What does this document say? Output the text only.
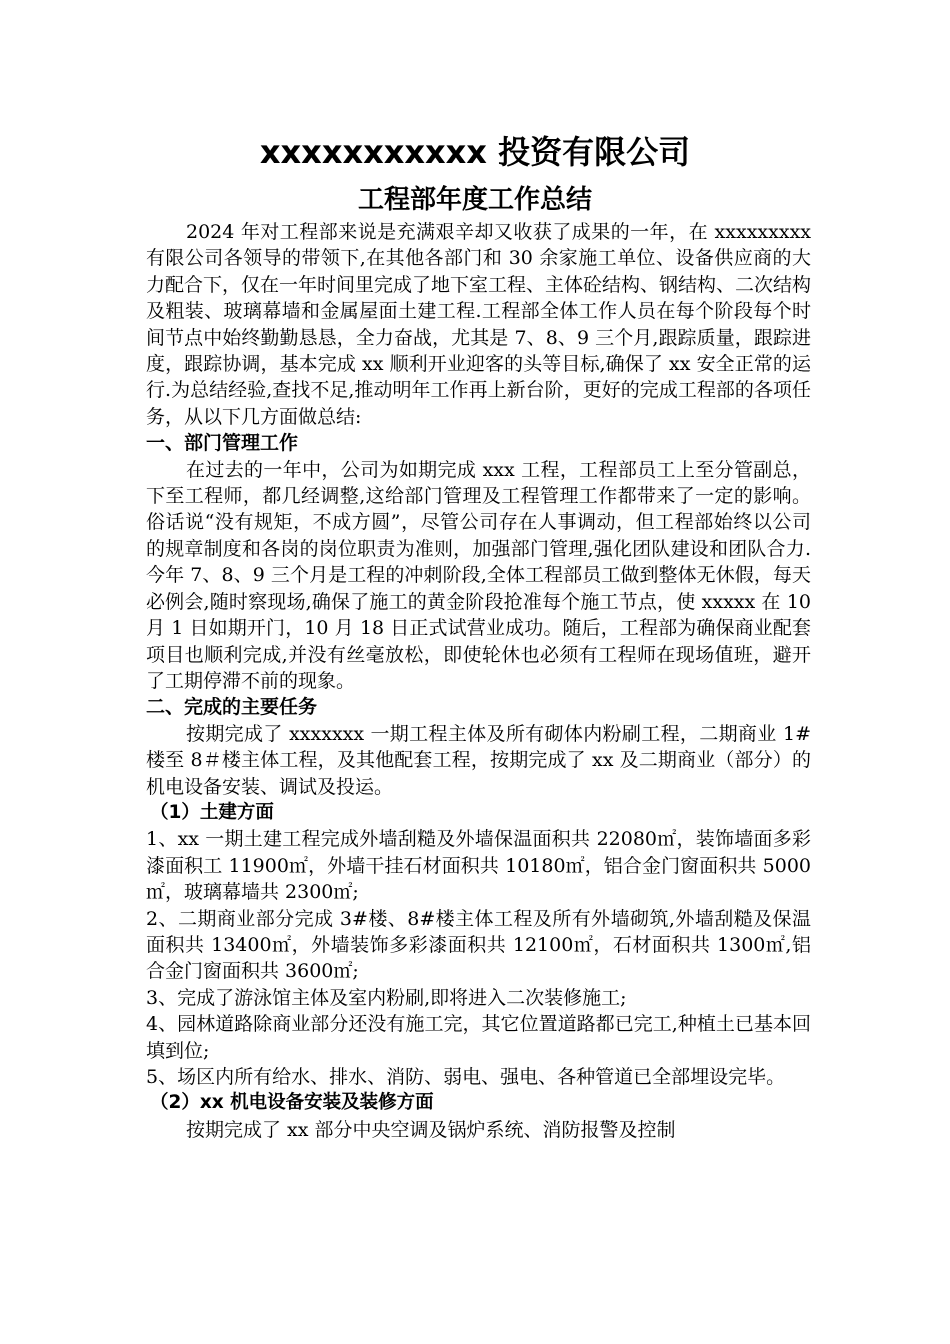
xxxxxxxxxxx 投资有限公司
工程部年度工作总结

2024 年对工程部来说是充满艰辛却又收获了成果的一年，在 xxxxxxxxx 有限公司各领导的带领下,在其他各部门和 30 余家施工单位、设备供应商的大力配合下，仅在一年时间里完成了地下室工程、主体砼结构、钢结构、二次结构及粗装、玻璃幕墙和金属屋面土建工程.工程部全体工作人员在每个阶段每个时间节点中始终勤勤恳恳，全力奋战，尤其是 7、8、9 三个月,跟踪质量，跟踪进度，跟踪协调，基本完成 xx 顺利开业迎客的头等目标,确保了 xx 安全正常的运行.为总结经验,查找不足,推动明年工作再上新台阶，更好的完成工程部的各项任务，从以下几方面做总结:

一、部门管理工作

在过去的一年中，公司为如期完成 xxx 工程，工程部员工上至分管副总，下至工程师，都几经调整,这给部门管理及工程管理工作都带来了一定的影响。俗话说“没有规矩，不成方圆”，尽管公司存在人事调动，但工程部始终以公司的规章制度和各岗的岗位职责为准则，加强部门管理,强化团队建设和团队合力.今年 7、8、9 三个月是工程的冲刺阶段,全体工程部员工做到整体无休假，每天必例会,随时察现场,确保了施工的黄金阶段抢准每个施工节点，使 xxxxx 在 10 月 1 日如期开门，10 月 18 日正式试营业成功。随后，工程部为确保商业配套项目也顺利完成,并没有丝毫放松，即使轮休也必须有工程师在现场值班，避开了工期停滞不前的现象。

二、完成的主要任务

按期完成了 xxxxxxx 一期工程主体及所有砌体内粉刷工程，二期商业 1#楼至 8＃楼主体工程，及其他配套工程，按期完成了 xx 及二期商业（部分）的机电设备安装、调试及投运。

（1）土建方面

1、xx 一期土建工程完成外墙刮糙及外墙保温面积共 22080㎡，装饰墙面多彩漆面积工 11900㎡，外墙干挂石材面积共 10180㎡，铝合金门窗面积共 5000㎡，玻璃幕墙共 2300㎡;

2、二期商业部分完成 3#楼、8#楼主体工程及所有外墙砌筑,外墙刮糙及保温面积共 13400㎡，外墙装饰多彩漆面积共 12100㎡，石材面积共 1300㎡,铝合金门窗面积共 3600㎡;

3、完成了游泳馆主体及室内粉刷,即将进入二次装修施工;

4、园林道路除商业部分还没有施工完，其它位置道路都已完工,种植土已基本回填到位;

5、场区内所有给水、排水、消防、弱电、强电、各种管道已全部埋设完毕。

（2）xx 机电设备安装及装修方面

按期完成了 xx 部分中央空调及锅炉系统、消防报警及控制
